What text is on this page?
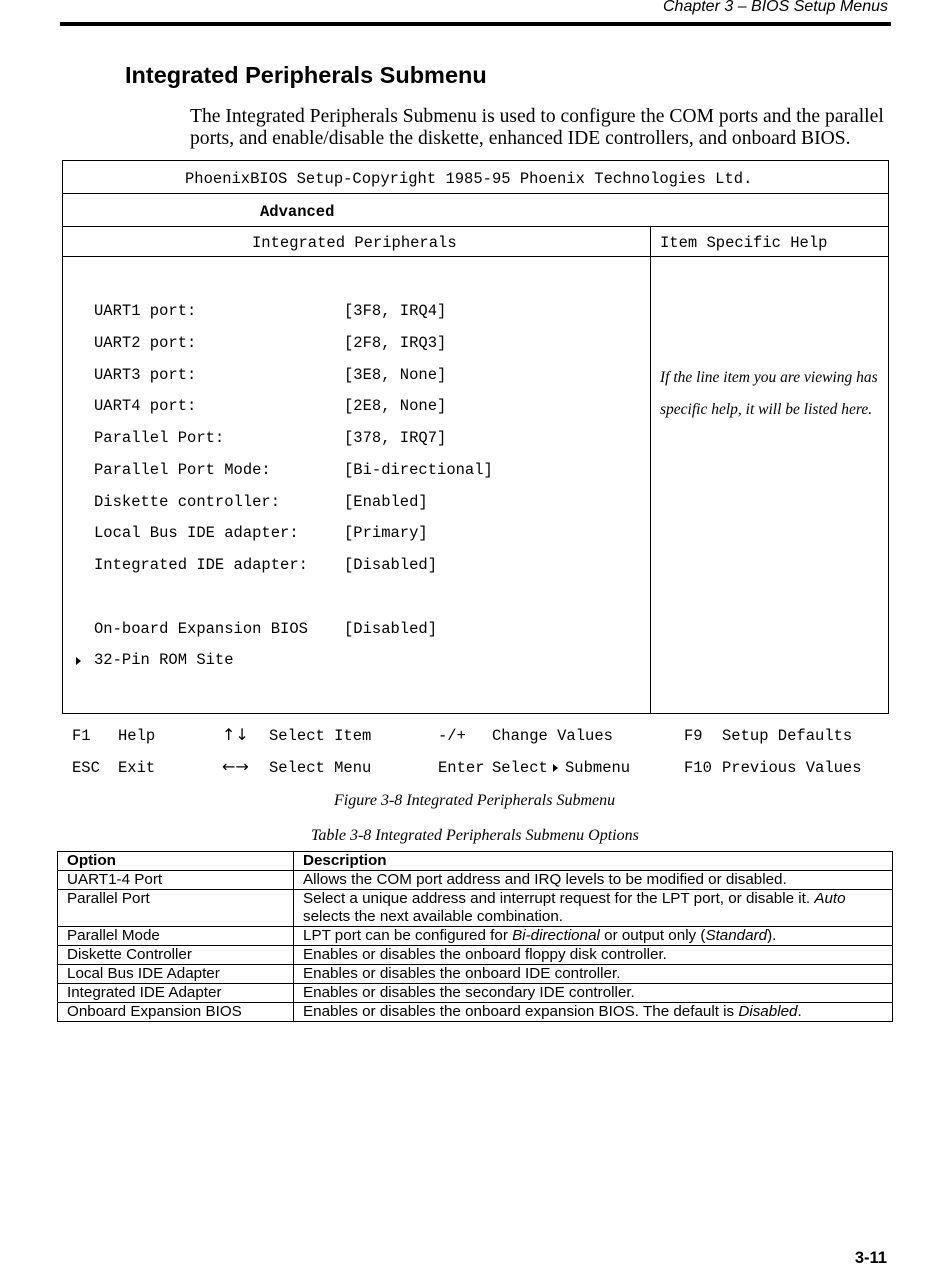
Chapter 3 – BIOS Setup Menus
Integrated Peripherals Submenu
The Integrated Peripherals Submenu is used to configure the COM ports and the parallel ports, and enable/disable the diskette, enhanced IDE controllers, and onboard BIOS.
PhoenixBIOS Setup-Copyright 1985-95 Phoenix Technologies Ltd.
Advanced
Integrated Peripherals	Item Specific Help
UART1 port:	[3F8, IRQ4]
UART2 port:	[2F8, IRQ3]
UART3 port:	[3E8, None]
UART4 port:	[2E8, None]
Parallel Port:	[378, IRQ7]
Parallel Port Mode:	[Bi-directional]
Diskette controller:	[Enabled]
Local Bus IDE adapter:	[Primary]
Integrated IDE adapter: [Disabled]
On-board Expansion BIOS [Disabled]
32-Pin ROM Site
If the line item you are viewing has specific help, it will be listed here.
F1 Help	↑↓ Select Item	-/+ Change Values	F9 Setup Defaults
ESC Exit	←→ Select Menu	Enter Select Submenu	F10 Previous Values
Figure 3-8 Integrated Peripherals Submenu
Table 3-8 Integrated Peripherals Submenu Options
Option	Description
UART1-4 Port	Allows the COM port address and IRQ levels to be modified or disabled.
Parallel Port	Select a unique address and interrupt request for the LPT port, or disable it. Auto selects the next available combination.
Parallel Mode	LPT port can be configured for Bi-directional or output only (Standard).
Diskette Controller	Enables or disables the onboard floppy disk controller.
Local Bus IDE Adapter	Enables or disables the onboard IDE controller.
Integrated IDE Adapter	Enables or disables the secondary IDE controller.
Onboard Expansion BIOS	Enables or disables the onboard expansion BIOS. The default is Disabled.
3-11
